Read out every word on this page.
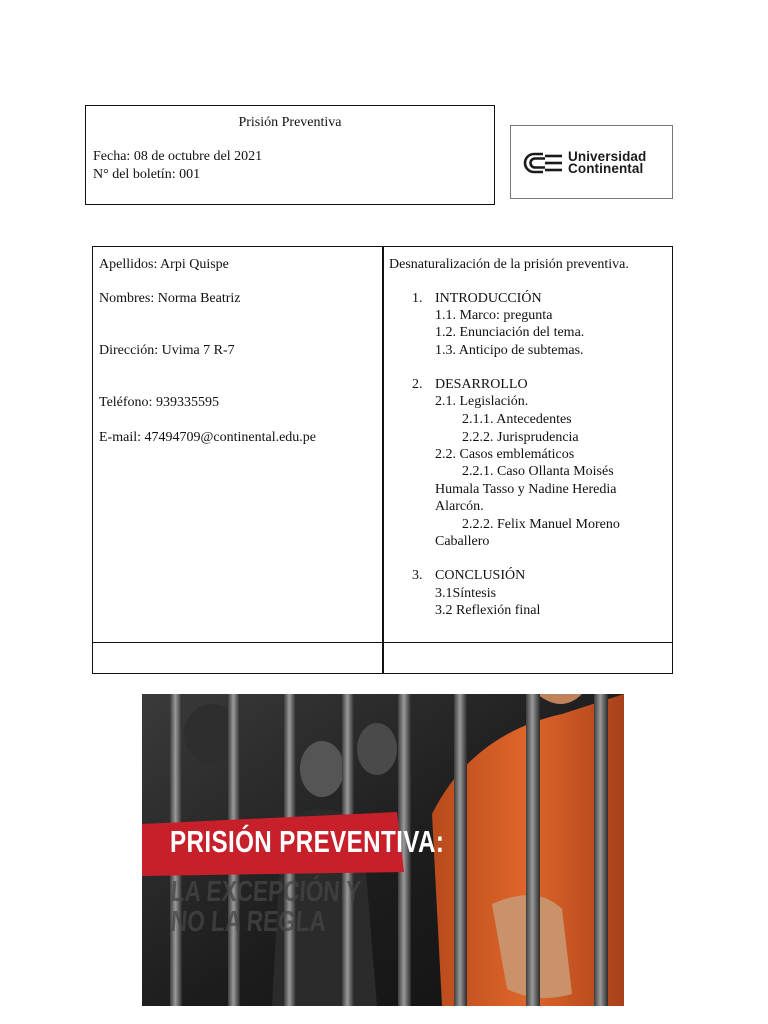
Prisión Preventiva
Fecha: 08 de octubre del 2021
N° del boletín: 001
Universidad
Continental
Apellidos: Arpi Quispe
Nombres: Norma Beatriz
Dirección: Uvima 7 R-7
Teléfono: 939335595
E-mail: 47494709@continental.edu.pe
Desnaturalización de la prisión preventiva.
1. INTRODUCCIÓN
1.1. Marco: pregunta
1.2. Enunciación del tema.
1.3. Anticipo de subtemas.
2. DESARROLLO
2.1. Legislación.
2.1.1. Antecedentes
2.2.2. Jurisprudencia
2.2. Casos emblemáticos
2.2.1. Caso Ollanta Moisés
Humala Tasso y Nadine Heredia
Alarcón.
2.2.2. Felix Manuel Moreno
Caballero
3. CONCLUSIÓN
3.1Síntesis
3.2 Reflexión final
PRISIÓN PREVENTIVA:
LA EXCEPCIÓN Y
NO LA REGLA
